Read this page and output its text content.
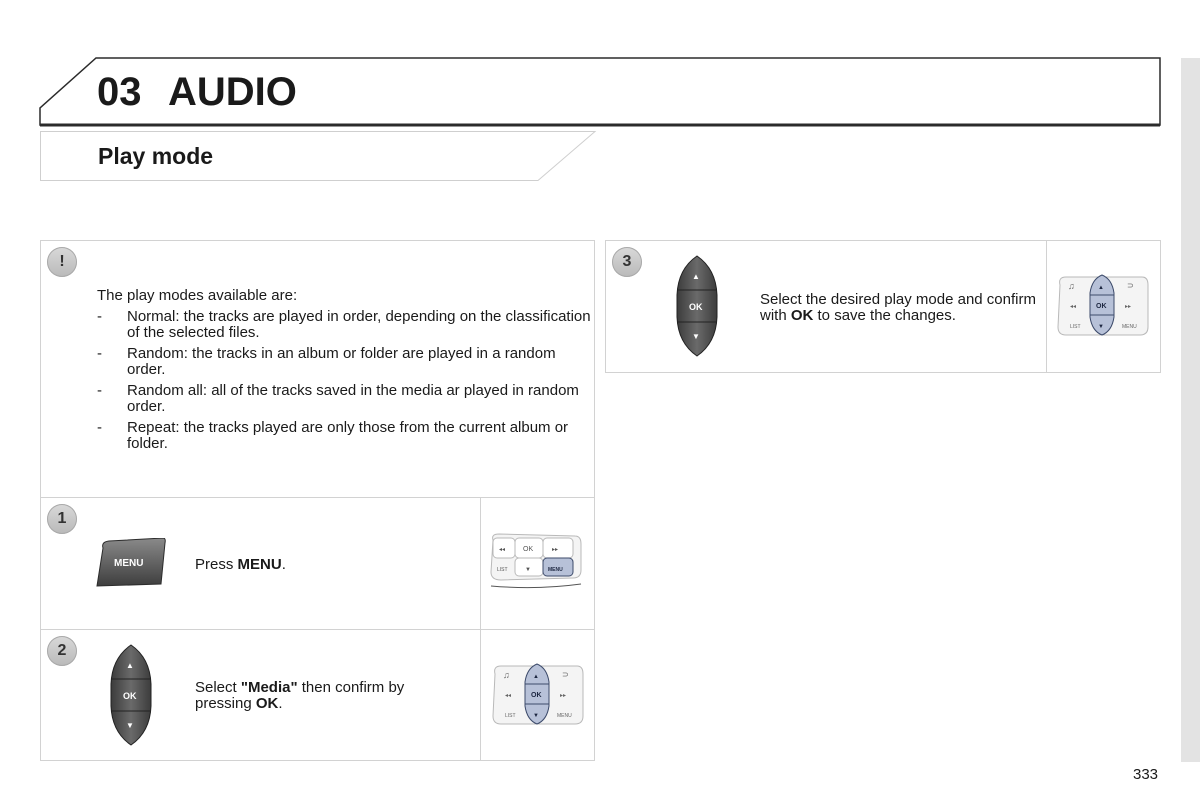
03 AUDIO
Play mode
!
The play modes available are:
- Normal: the tracks are played in order, depending on the classification of the selected files.
- Random: the tracks in an album or folder are played in a random order.
- Random all: all of the tracks saved in the media ar played in random order.
- Repeat: the tracks played are only those from the current album or folder.
1
MENU	Press MENU.
◂◂	OK	▸▸
LIST	▼	MENU
2
▲
OK
▼
Select "Media" then confirm by pressing OK.
▲
OK
▼
♫	⊃
◂◂	▸▸
LIST	MENU
3
▲
OK
▼
Select the desired play mode and confirm with OK to save the changes.
▲
OK
▼
♫	⊃
◂◂	▸▸
LIST	MENU
333
